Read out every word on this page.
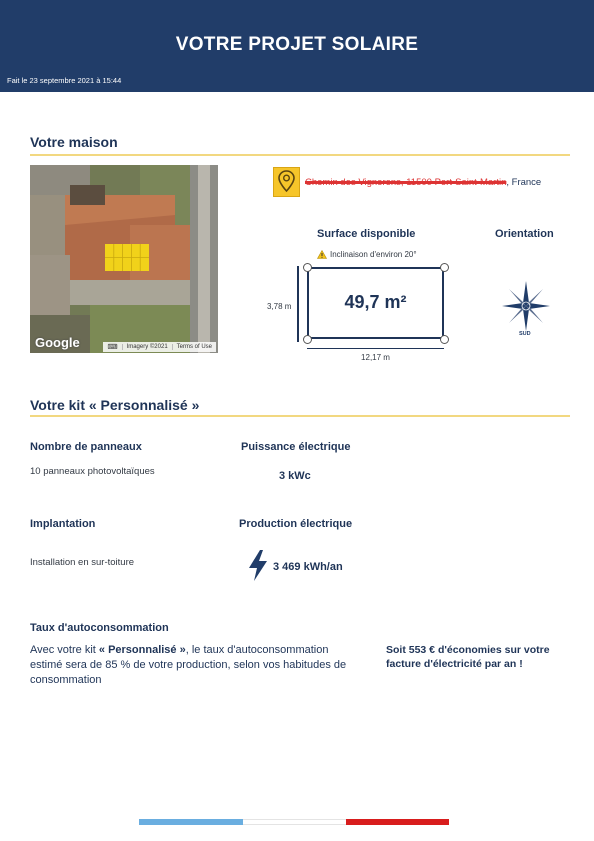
VOTRE PROJET SOLAIRE
Fait le 23 septembre 2021 à 15:44
Votre maison
Google	⌨	Imagery ©2021	Terms of Use
Chemin des Vignerons, 11500 Port-Saint-Martin, France
Surface disponible	Orientation
Inclinaison d'environ 20°
3,78 m	49,7 m²
12,17 m
SUD
Votre kit « Personnalisé »
Nombre de panneaux	Puissance électrique
10 panneaux photovoltaïques	3 kWc
Implantation	Production électrique
Installation en sur-toiture	3 469 kWh/an
Taux d'autoconsommation
Avec votre kit « Personnalisé », le taux d'autoconsommation estimé sera de 85 % de votre production, selon vos habitudes de consommation
Soit 553 € d'économies sur votre facture d'électricité par an !
